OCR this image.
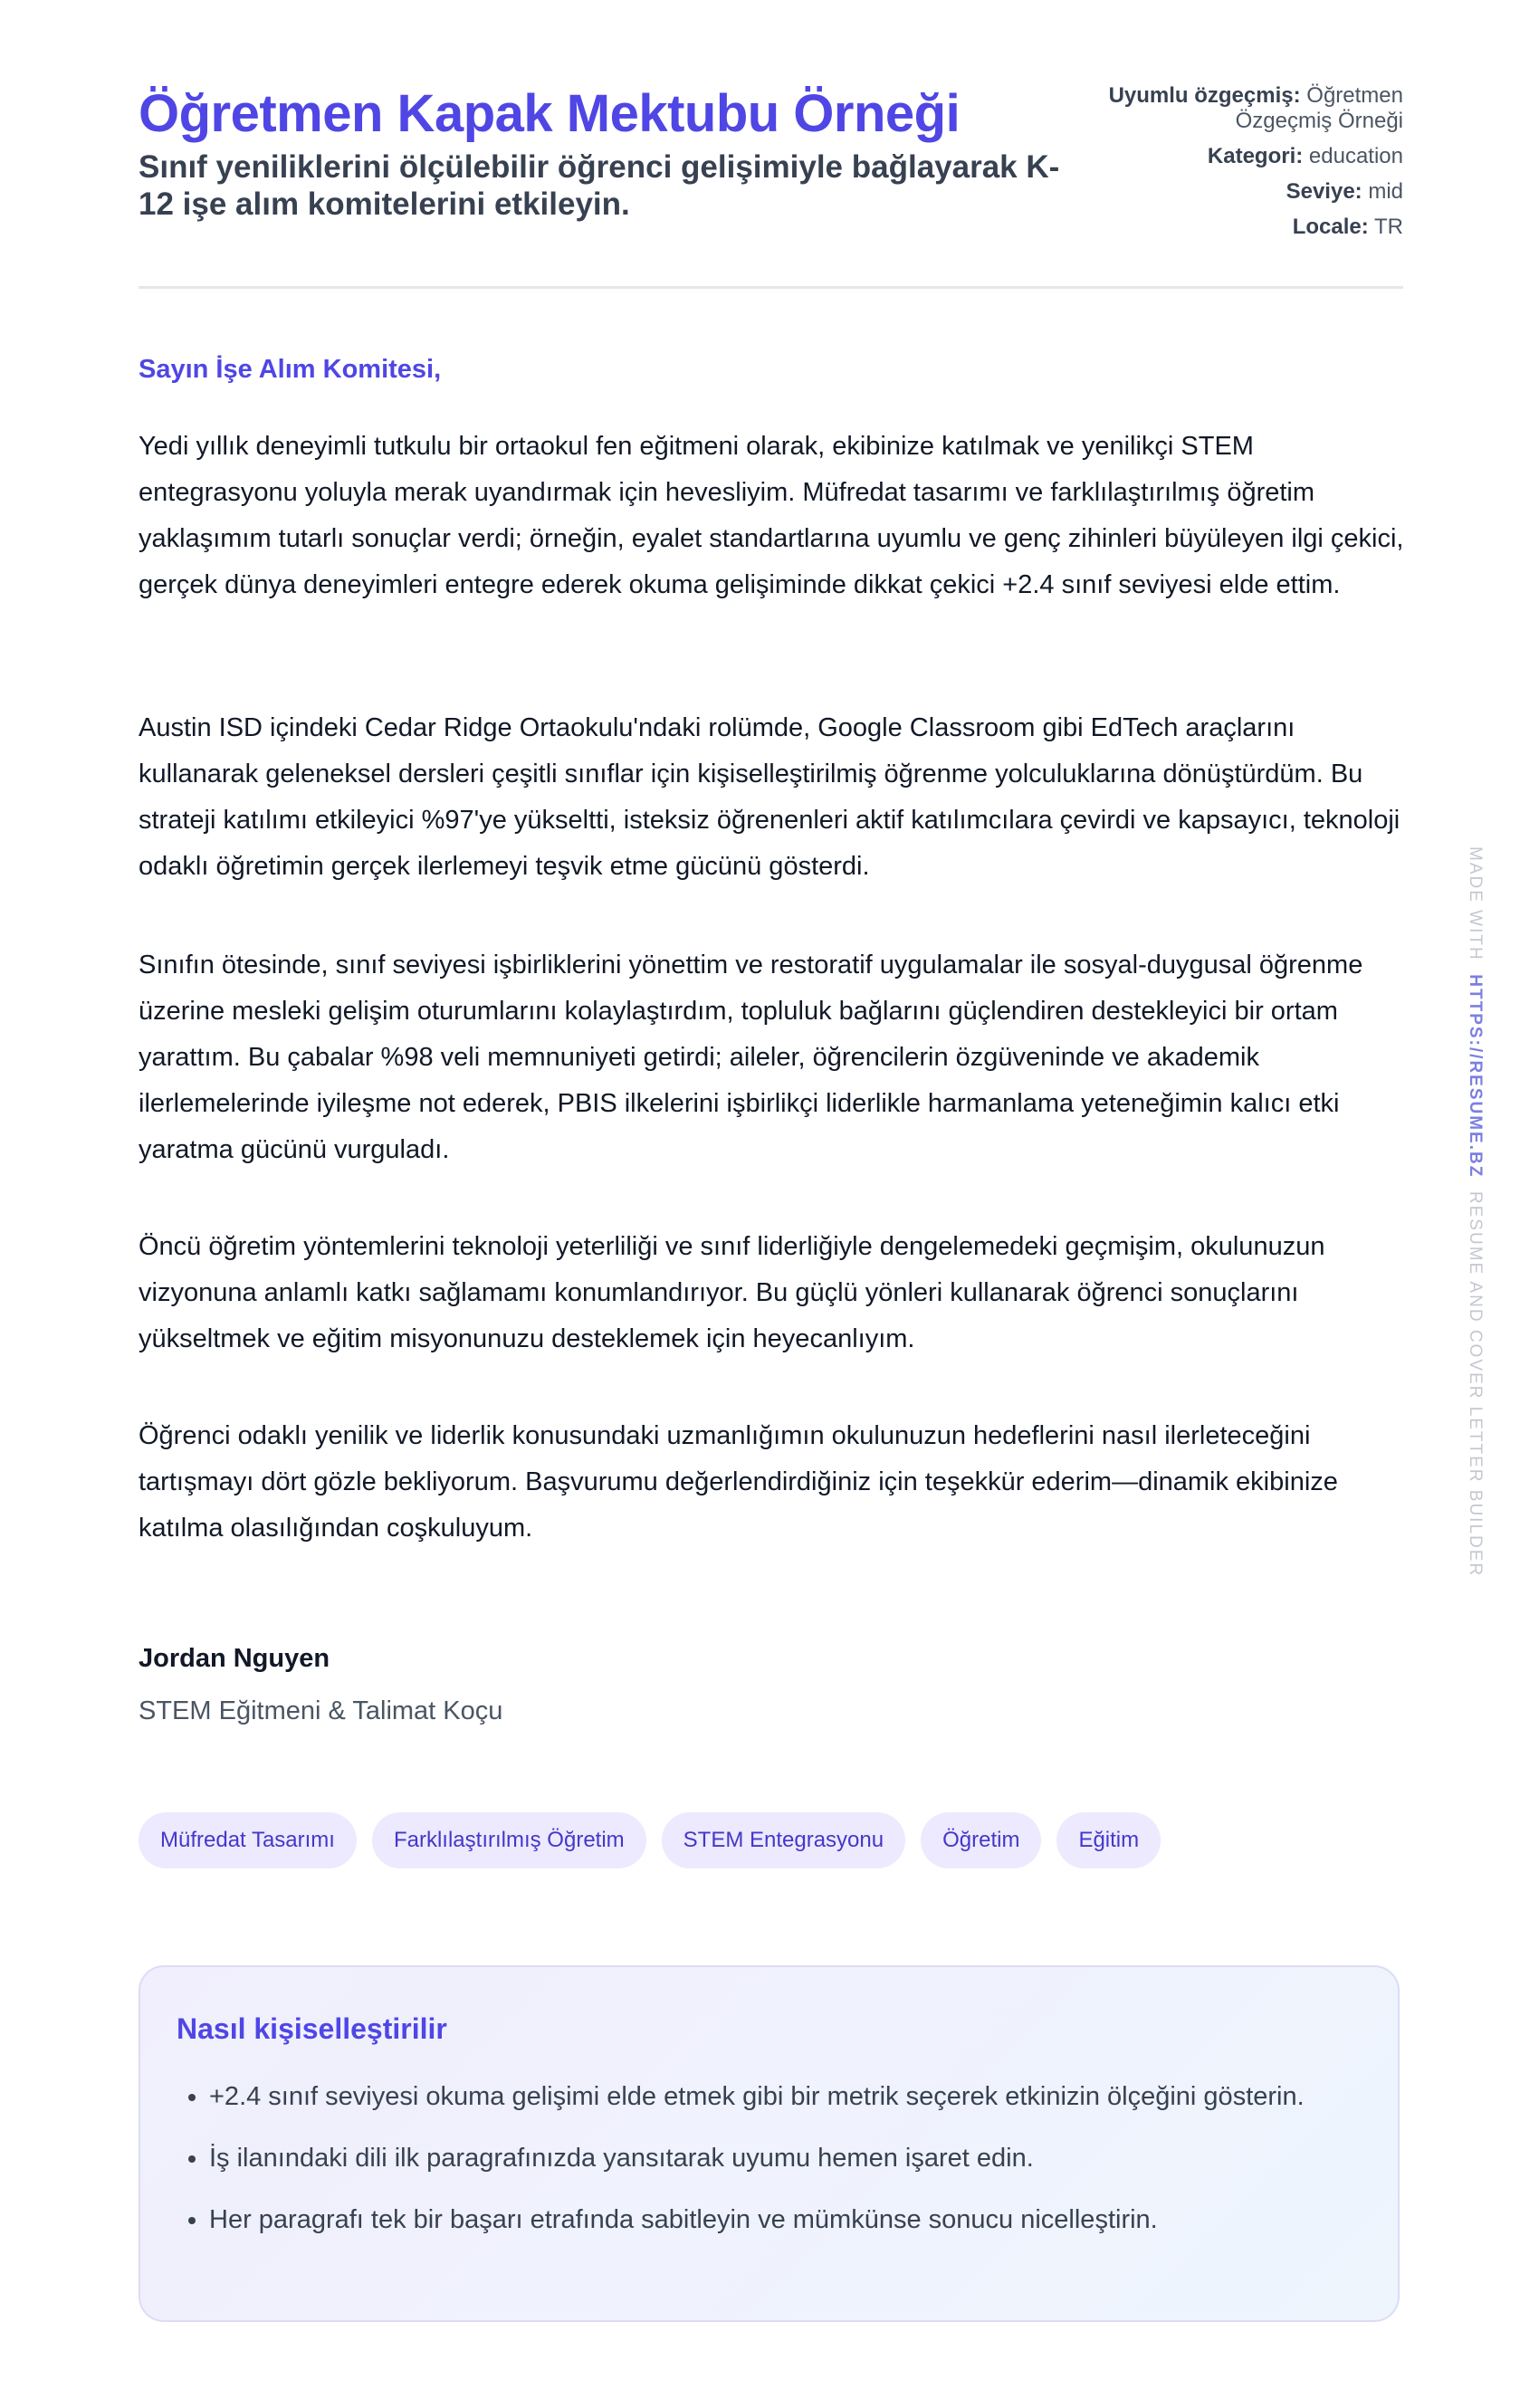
Öğretmen Kapak Mektubu Örneği

Sınıf yeniliklerini ölçülebilir öğrenci gelişimiyle bağlayarak K-12 işe alım komitelerini etkileyin.

Uyumlu özgeçmiş: Öğretmen Özgeçmiş Örneği
Kategori: education
Seviye: mid
Locale: TR
Sayın İşe Alım Komitesi,

Yedi yıllık deneyimli tutkulu bir ortaokul fen eğitmeni olarak, ekibinize katılmak ve yenilikçi STEM entegrasyonu yoluyla merak uyandırmak için hevesliyim. Müfredat tasarımı ve farklılaştırılmış öğretim yaklaşımım tutarlı sonuçlar verdi; örneğin, eyalet standartlarına uyumlu ve genç zihinleri büyüleyen ilgi çekici, gerçek dünya deneyimleri entegre ederek okuma gelişiminde dikkat çekici +2.4 sınıf seviyesi elde ettim.

Austin ISD içindeki Cedar Ridge Ortaokulu'ndaki rolümde, Google Classroom gibi EdTech araçlarını kullanarak geleneksel dersleri çeşitli sınıflar için kişiselleştirilmiş öğrenme yolculuklarına dönüştürdüm. Bu strateji katılımı etkileyici %97'ye yükseltti, isteksiz öğrenenleri aktif katılımcılara çevirdi ve kapsayıcı, teknoloji odaklı öğretimin gerçek ilerlemeyi teşvik etme gücünü gösterdi.

Sınıfın ötesinde, sınıf seviyesi işbirliklerini yönettim ve restoratif uygulamalar ile sosyal-duygusal öğrenme üzerine mesleki gelişim oturumlarını kolaylaştırdım, topluluk bağlarını güçlendiren destekleyici bir ortam yarattım. Bu çabalar %98 veli memnuniyeti getirdi; aileler, öğrencilerin özgüveninde ve akademik ilerlemelerinde iyileşme not ederek, PBIS ilkelerini işbirlikçi liderlikle harmanlama yeteneğimin kalıcı etki yaratma gücünü vurguladı.

Öncü öğretim yöntemlerini teknoloji yeterliliği ve sınıf liderliğiyle dengelemedeki geçmişim, okulunuzun vizyonuna anlamlı katkı sağlamamı konumlandırıyor. Bu güçlü yönleri kullanarak öğrenci sonuçlarını yükseltmek ve eğitim misyonunuzu desteklemek için heyecanlıyım.

Öğrenci odaklı yenilik ve liderlik konusundaki uzmanlığımın okulunuzun hedeflerini nasıl ilerleteceğini tartışmayı dört gözle bekliyorum. Başvurumu değerlendirdiğiniz için teşekkür ederim—dinamik ekibinize katılma olasılığından coşkuluyum.

Jordan Nguyen
STEM Eğitmeni & Talimat Koçu
Müfredat Tasarımı	Farklılaştırılmış Öğretim	STEM Entegrasyonu	Öğretim	Eğitim
Nasıl kişiselleştirilir
• +2.4 sınıf seviyesi okuma gelişimi elde etmek gibi bir metrik seçerek etkinizin ölçeğini gösterin.
• İş ilanındaki dili ilk paragrafınızda yansıtarak uyumu hemen işaret edin.
• Her paragrafı tek bir başarı etrafında sabitleyin ve mümkünse sonucu nicelleştirin.
MADE WITH  HTTPS://RESUME.BZ  RESUME AND COVER LETTER BUILDER
